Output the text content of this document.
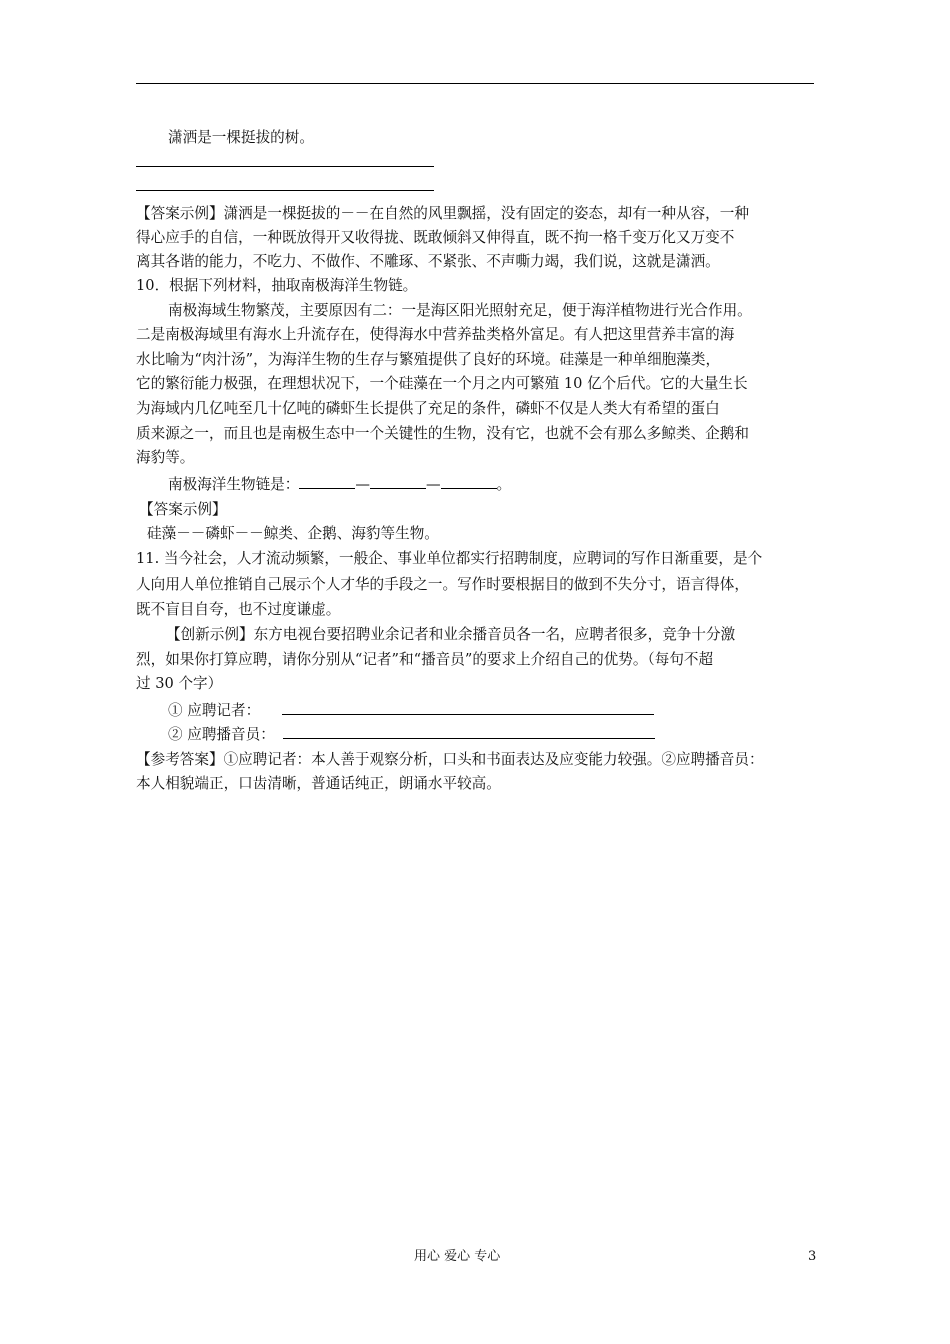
潇洒是一棵挺拔的树。
【答案示例】潇洒是一棵挺拔的－－在自然的风里飘摇，没有固定的姿态，却有一种从容，一种
得心应手的自信，一种既放得开又收得拢、既敢倾斜又伸得直，既不拘一格千变万化又万变不
离其各谐的能力，不吃力、不做作、不雕琢、不紧张、不声嘶力竭，我们说，这就是潇洒。
10．根据下列材料，抽取南极海洋生物链。
南极海域生物繁茂，主要原因有二：一是海区阳光照射充足，便于海洋植物进行光合作用。
二是南极海域里有海水上升流存在，使得海水中营养盐类格外富足。有人把这里营养丰富的海
水比喻为“肉汁汤”，为海洋生物的生存与繁殖提供了良好的环境。硅藻是一种单细胞藻类，
它的繁衍能力极强，在理想状况下，一个硅藻在一个月之内可繁殖 10 亿个后代。它的大量生长
为海域内几亿吨至几十亿吨的磷虾生长提供了充足的条件，磷虾不仅是人类大有希望的蛋白
质来源之一，而且也是南极生态中一个关键性的生物，没有它，也就不会有那么多鲸类、企鹅和
海豹等。
南极海洋生物链是：	—	—	。
【答案示例】
硅藻－－磷虾－－鲸类、企鹅、海豹等生物。
11. 当今社会，人才流动频繁，一般企、事业单位都实行招聘制度，应聘词的写作日渐重要，是个
人向用人单位推销自己展示个人才华的手段之一。写作时要根据目的做到不失分寸，语言得体，
既不盲目自夸，也不过度谦虚。
【创新示例】东方电视台要招聘业余记者和业余播音员各一名，应聘者很多，竞争十分激
烈，如果你打算应聘，请你分别从“记者”和“播音员”的要求上介绍自己的优势。（每句不超
过 30 个字）
① 应聘记者：
② 应聘播音员：
【参考答案】①应聘记者：本人善于观察分析，口头和书面表达及应变能力较强。②应聘播音员：
本人相貌端正，口齿清晰，普通话纯正，朗诵水平较高。
用心 爱心 专心	3
